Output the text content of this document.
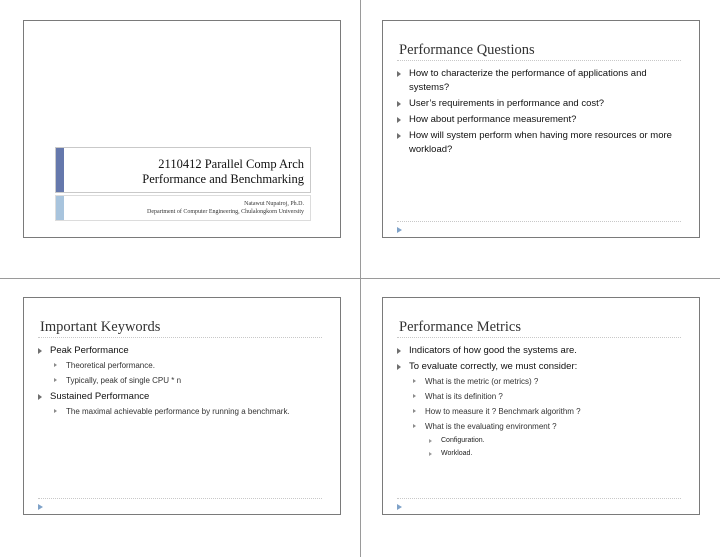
2110412 Parallel Comp Arch
Performance and Benchmarking
Natawut Nupairoj, Ph.D.
Department of Computer Engineering, Chulalongkorn University
Performance Questions
How to characterize the performance of applications and systems?
User’s requirements in performance and cost?
How about performance measurement?
How will system perform when having more resources or more workload?
Important Keywords
Peak Performance
Theoretical performance.
Typically, peak of single CPU * n
Sustained Performance
The maximal achievable performance by running a benchmark.
Performance Metrics
Indicators of how good the systems are.
To evaluate correctly, we must consider:
What is the metric (or metrics) ?
What is its definition ?
How to measure it ? Benchmark algorithm ?
What is the evaluating environment ?
Configuration.
Workload.
